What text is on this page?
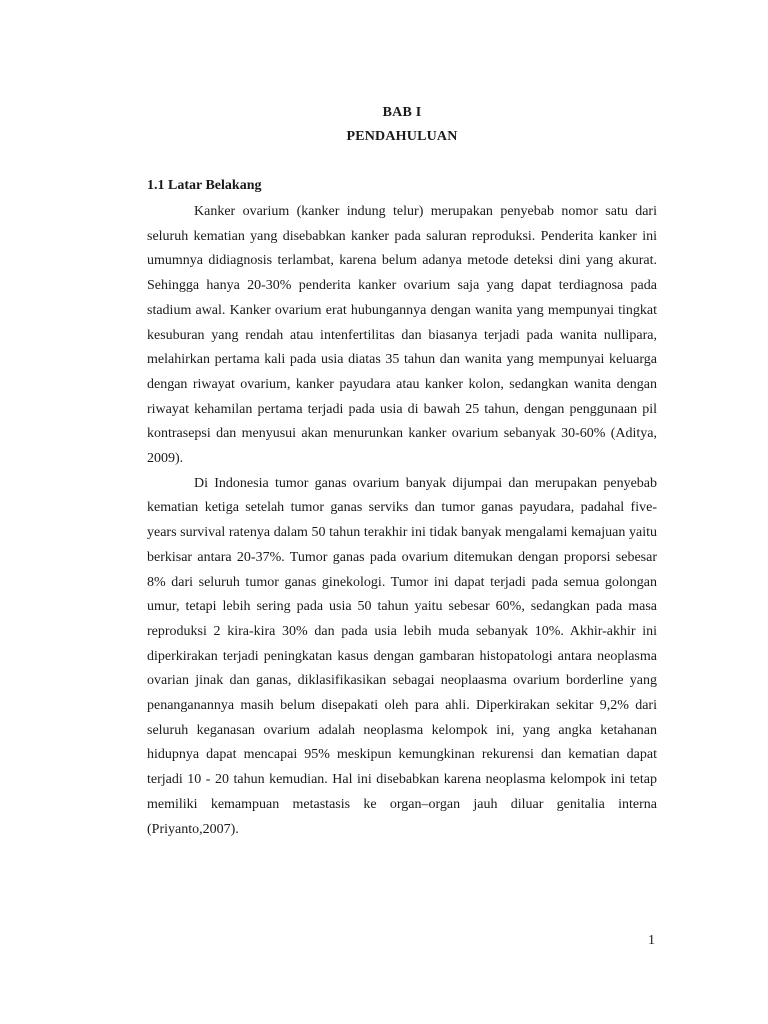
BAB I
PENDAHULUAN
1.1 Latar Belakang

Kanker ovarium (kanker indung telur) merupakan penyebab nomor satu dari seluruh kematian yang disebabkan kanker pada saluran reproduksi. Penderita kanker ini umumnya didiagnosis terlambat, karena belum adanya metode deteksi dini yang akurat. Sehingga hanya 20-30% penderita kanker ovarium saja yang dapat terdiagnosa pada stadium awal. Kanker ovarium erat hubungannya dengan wanita yang mempunyai tingkat kesuburan yang rendah atau intenfertilitas dan biasanya terjadi pada wanita nullipara, melahirkan pertama kali pada usia diatas 35 tahun dan wanita yang mempunyai keluarga dengan riwayat ovarium, kanker payudara atau kanker kolon, sedangkan wanita dengan riwayat kehamilan pertama terjadi pada usia di bawah 25 tahun, dengan penggunaan pil kontrasepsi dan menyusui akan menurunkan kanker ovarium sebanyak 30-60% (Aditya, 2009).

Di Indonesia tumor ganas ovarium banyak dijumpai dan merupakan penyebab kematian ketiga setelah tumor ganas serviks dan tumor ganas payudara, padahal five- years survival ratenya dalam 50 tahun terakhir ini tidak banyak mengalami kemajuan yaitu berkisar antara 20-37%. Tumor ganas pada ovarium ditemukan dengan proporsi sebesar 8% dari seluruh tumor ganas ginekologi. Tumor ini dapat terjadi pada semua golongan umur, tetapi lebih sering pada usia 50 tahun yaitu sebesar 60%, sedangkan pada masa reproduksi 2 kira-kira 30% dan pada usia lebih muda sebanyak 10%. Akhir-akhir ini diperkirakan terjadi peningkatan kasus dengan gambaran histopatologi antara neoplasma ovarian jinak dan ganas, diklasifikasikan sebagai neoplaasma ovarium borderline yang penanganannya masih belum disepakati oleh para ahli. Diperkirakan sekitar 9,2% dari seluruh keganasan ovarium adalah neoplasma kelompok ini, yang angka ketahanan hidupnya dapat mencapai 95% meskipun kemungkinan rekurensi dan kematian dapat terjadi 10 - 20 tahun kemudian. Hal ini disebabkan karena neoplasma kelompok ini tetap memiliki kemampuan metastasis ke organ–organ jauh diluar genitalia interna (Priyanto,2007).

1
